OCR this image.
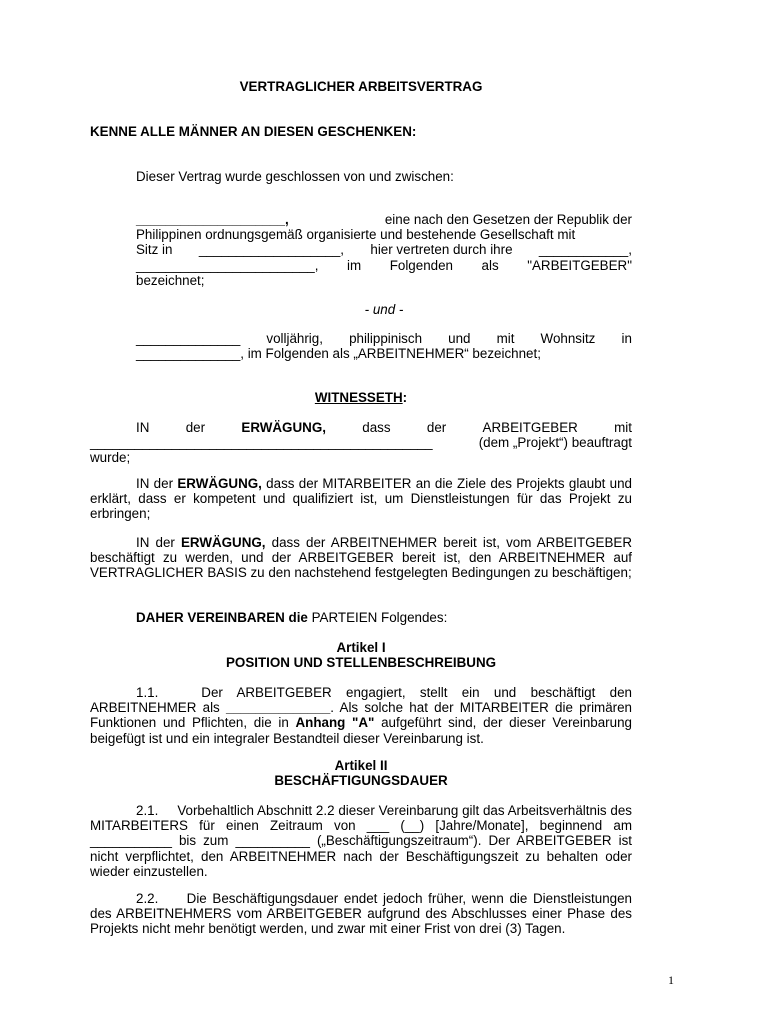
VERTRAGLICHER ARBEITSVERTRAG
KENNE ALLE MÄNNER AN DIESEN GESCHENKEN:
Dieser Vertrag wurde geschlossen von und zwischen:
____________________,	eine nach den Gesetzen der Republik der
Philippinen ordnungsgemäß organisierte und bestehende Gesellschaft mit
Sitz in ___________________, hier vertreten durch ihre ____________,
________________________, im Folgenden als "ARBEITGEBER"
bezeichnet;
- und -
______________ volljährig, philippinisch und mit Wohnsitz in
______________, im Folgenden als „ARBEITNEHMER“ bezeichnet;
WITNESSETH:
IN	der	ERWÄGUNG,	dass	der	ARBEITGEBER	mit
______________________________________________	(dem „Projekt“) beauftragt
wurde;
IN der ERWÄGUNG, dass der MITARBEITER an die Ziele des Projekts glaubt und erklärt, dass er kompetent und qualifiziert ist, um Dienstleistungen für das Projekt zu erbringen;
IN der ERWÄGUNG, dass der ARBEITNEHMER bereit ist, vom ARBEITGEBER beschäftigt zu werden, und der ARBEITGEBER bereit ist, den ARBEITNEHMER auf VERTRAGLICHER BASIS zu den nachstehend festgelegten Bedingungen zu beschäftigen;
DAHER VEREINBAREN die PARTEIEN Folgendes:
Artikel I
POSITION UND STELLENBESCHREIBUNG
1.1.	Der ARBEITGEBER engagiert, stellt ein und beschäftigt den ARBEITNEHMER als ______________. Als solche hat der MITARBEITER die primären Funktionen und Pflichten, die in Anhang "A" aufgeführt sind, der dieser Vereinbarung beigefügt ist und ein integraler Bestandteil dieser Vereinbarung ist.
Artikel II
BESCHÄFTIGUNGSDAUER
2.1. Vorbehaltlich Abschnitt 2.2 dieser Vereinbarung gilt das Arbeitsverhältnis des MITARBEITERS für einen Zeitraum von ___ (__) [Jahre/Monate], beginnend am ___________ bis zum __________ („Beschäftigungszeitraum“). Der ARBEITGEBER ist nicht verpflichtet, den ARBEITNEHMER nach der Beschäftigungszeit zu behalten oder wieder einzustellen.
2.2. Die Beschäftigungsdauer endet jedoch früher, wenn die Dienstleistungen des ARBEITNEHMERS vom ARBEITGEBER aufgrund des Abschlusses einer Phase des Projekts nicht mehr benötigt werden, und zwar mit einer Frist von drei (3) Tagen.
1
